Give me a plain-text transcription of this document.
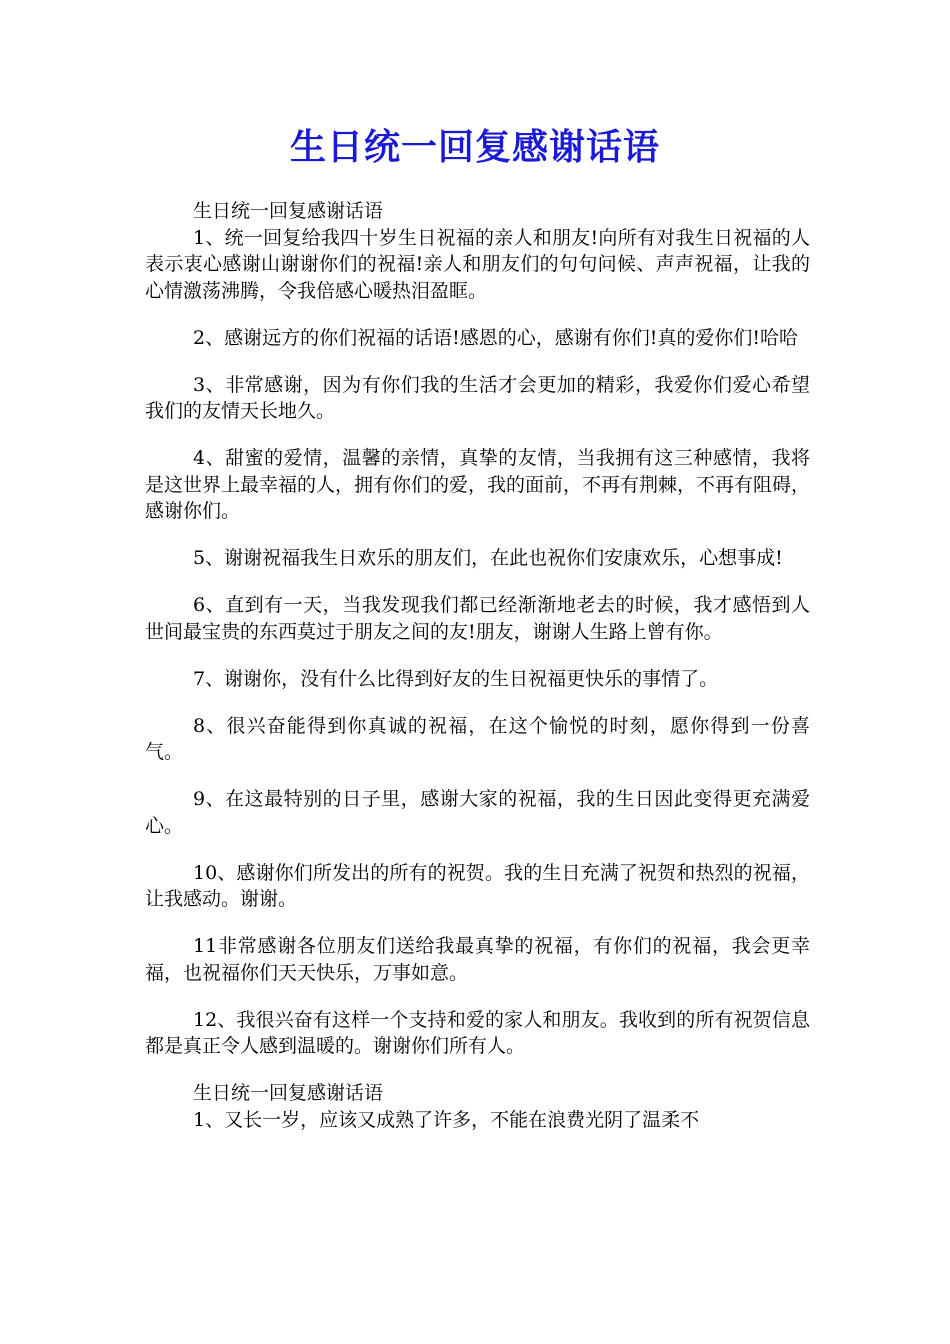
生日统一回复感谢话语

生日统一回复感谢话语

1、统一回复给我四十岁生日祝福的亲人和朋友!向所有对我生日祝福的人表示衷心感谢山谢谢你们的祝福!亲人和朋友们的句句问候、声声祝福，让我的心情激荡沸腾，令我倍感心暖热泪盈眶。

2、感谢远方的你们祝福的话语!感恩的心，感谢有你们!真的爱你们!哈哈

3、非常感谢，因为有你们我的生活才会更加的精彩，我爱你们爱心希望我们的友情天长地久。

4、甜蜜的爱情，温馨的亲情，真挚的友情，当我拥有这三种感情，我将是这世界上最幸福的人，拥有你们的爱，我的面前，不再有荆棘，不再有阻碍，感谢你们。

5、谢谢祝福我生日欢乐的朋友们，在此也祝你们安康欢乐，心想事成!

6、直到有一天，当我发现我们都已经渐渐地老去的时候，我才感悟到人世间最宝贵的东西莫过于朋友之间的友!朋友，谢谢人生路上曾有你。

7、谢谢你，没有什么比得到好友的生日祝福更快乐的事情了。

8、很兴奋能得到你真诚的祝福，在这个愉悦的时刻，愿你得到一份喜气。

9、在这最特别的日子里，感谢大家的祝福，我的生日因此变得更充满爱心。

10、感谢你们所发出的所有的祝贺。我的生日充满了祝贺和热烈的祝福，让我感动。谢谢。

11非常感谢各位朋友们送给我最真挚的祝福，有你们的祝福，我会更幸福，也祝福你们天天快乐，万事如意。

12、我很兴奋有这样一个支持和爱的家人和朋友。我收到的所有祝贺信息都是真正令人感到温暖的。谢谢你们所有人。

生日统一回复感谢话语

1、又长一岁，应该又成熟了许多，不能在浪费光阴了温柔不
